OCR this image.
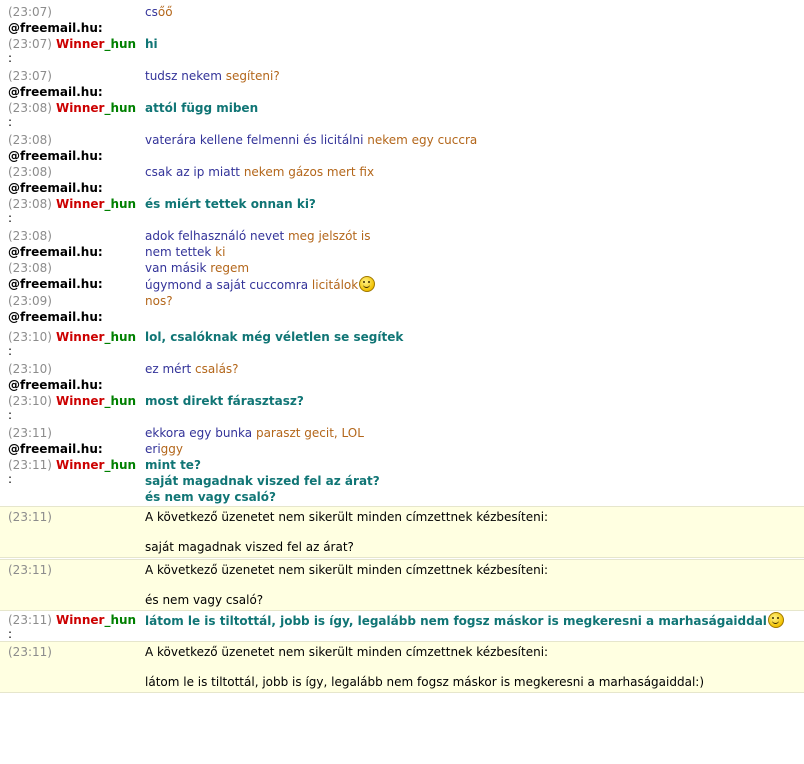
(23:07)
@freemail.hu:
csőő
(23:07) Winner_hun
:
hi
(23:07)
@freemail.hu:
tudsz nekem segíteni?
(23:08) Winner_hun
:
attól függ miben
(23:08)
@freemail.hu:
vaterára kellene felmenni és licitálni nekem egy cuccra
(23:08)
@freemail.hu:
csak az ip miatt nekem gázos mert fix
(23:08) Winner_hun
:
és miért tettek onnan ki?
(23:08)
@freemail.hu:
adok felhasználó nevet meg jelszót is
nem tettek ki
(23:08)
@freemail.hu:
van másik regem
úgymond a saját cuccomra licitálok
(23:09)
@freemail.hu:
nos?
(23:10) Winner_hun
:
lol, csalóknak még véletlen se segítek
(23:10)
@freemail.hu:
ez mért csalás?
(23:10) Winner_hun
:
most direkt fárasztasz?
(23:11)
@freemail.hu:
ekkora egy bunka paraszt gecit, LOL
eriggy
(23:11) Winner_hun
:
mint te?
saját magadnak viszed fel az árat?
és nem vagy csaló?
(23:11)	A következő üzenetet nem sikerült minden címzettnek kézbesíteni:
saját magadnak viszed fel az árat?
(23:11)	A következő üzenetet nem sikerült minden címzettnek kézbesíteni:
és nem vagy csaló?
(23:11) Winner_hun
:
látom le is tiltottál, jobb is így, legalább nem fogsz máskor is megkeresni a marhaságaiddal
(23:11)	A következő üzenetet nem sikerült minden címzettnek kézbesíteni:
látom le is tiltottál, jobb is így, legalább nem fogsz máskor is megkeresni a marhaságaiddal:)
